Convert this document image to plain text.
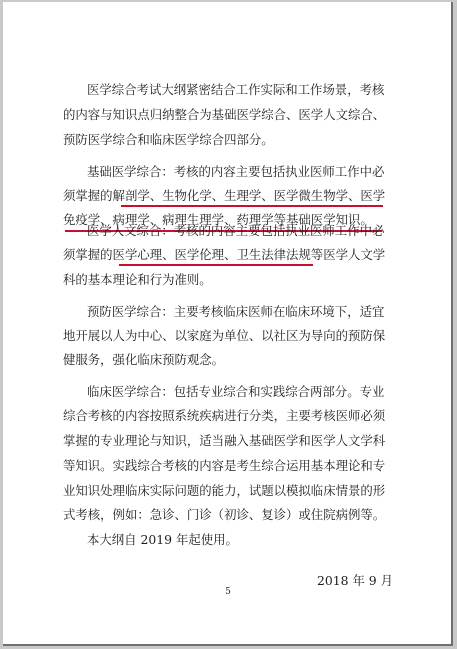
医学综合考试大纲紧密结合工作实际和工作场景，考核
的内容与知识点归纳整合为基础医学综合、医学人文综合、
预防医学综合和临床医学综合四部分。
基础医学综合：考核的内容主要包括执业医师工作中必
须掌握的解剖学、生物化学、生理学、医学微生物学、医学
免疫学、病理学、病理生理学、药理学等基础医学知识。
医学人文综合：考核的内容主要包括执业医师工作中必
须掌握的医学心理、医学伦理、卫生法律法规等医学人文学
科的基本理论和行为准则。
预防医学综合：主要考核临床医师在临床环境下，适宜
地开展以人为中心、以家庭为单位、以社区为导向的预防保
健服务，强化临床预防观念。
临床医学综合：包括专业综合和实践综合两部分。专业
综合考核的内容按照系统疾病进行分类，主要考核医师必须
掌握的专业理论与知识，适当融入基础医学和医学人文学科
等知识。实践综合考核的内容是考生综合运用基本理论和专
业知识处理临床实际问题的能力，试题以模拟临床情景的形
式考核，例如：急诊、门诊（初诊、复诊）或住院病例等。
本大纲自 2019 年起使用。
2018 年 9 月
5
